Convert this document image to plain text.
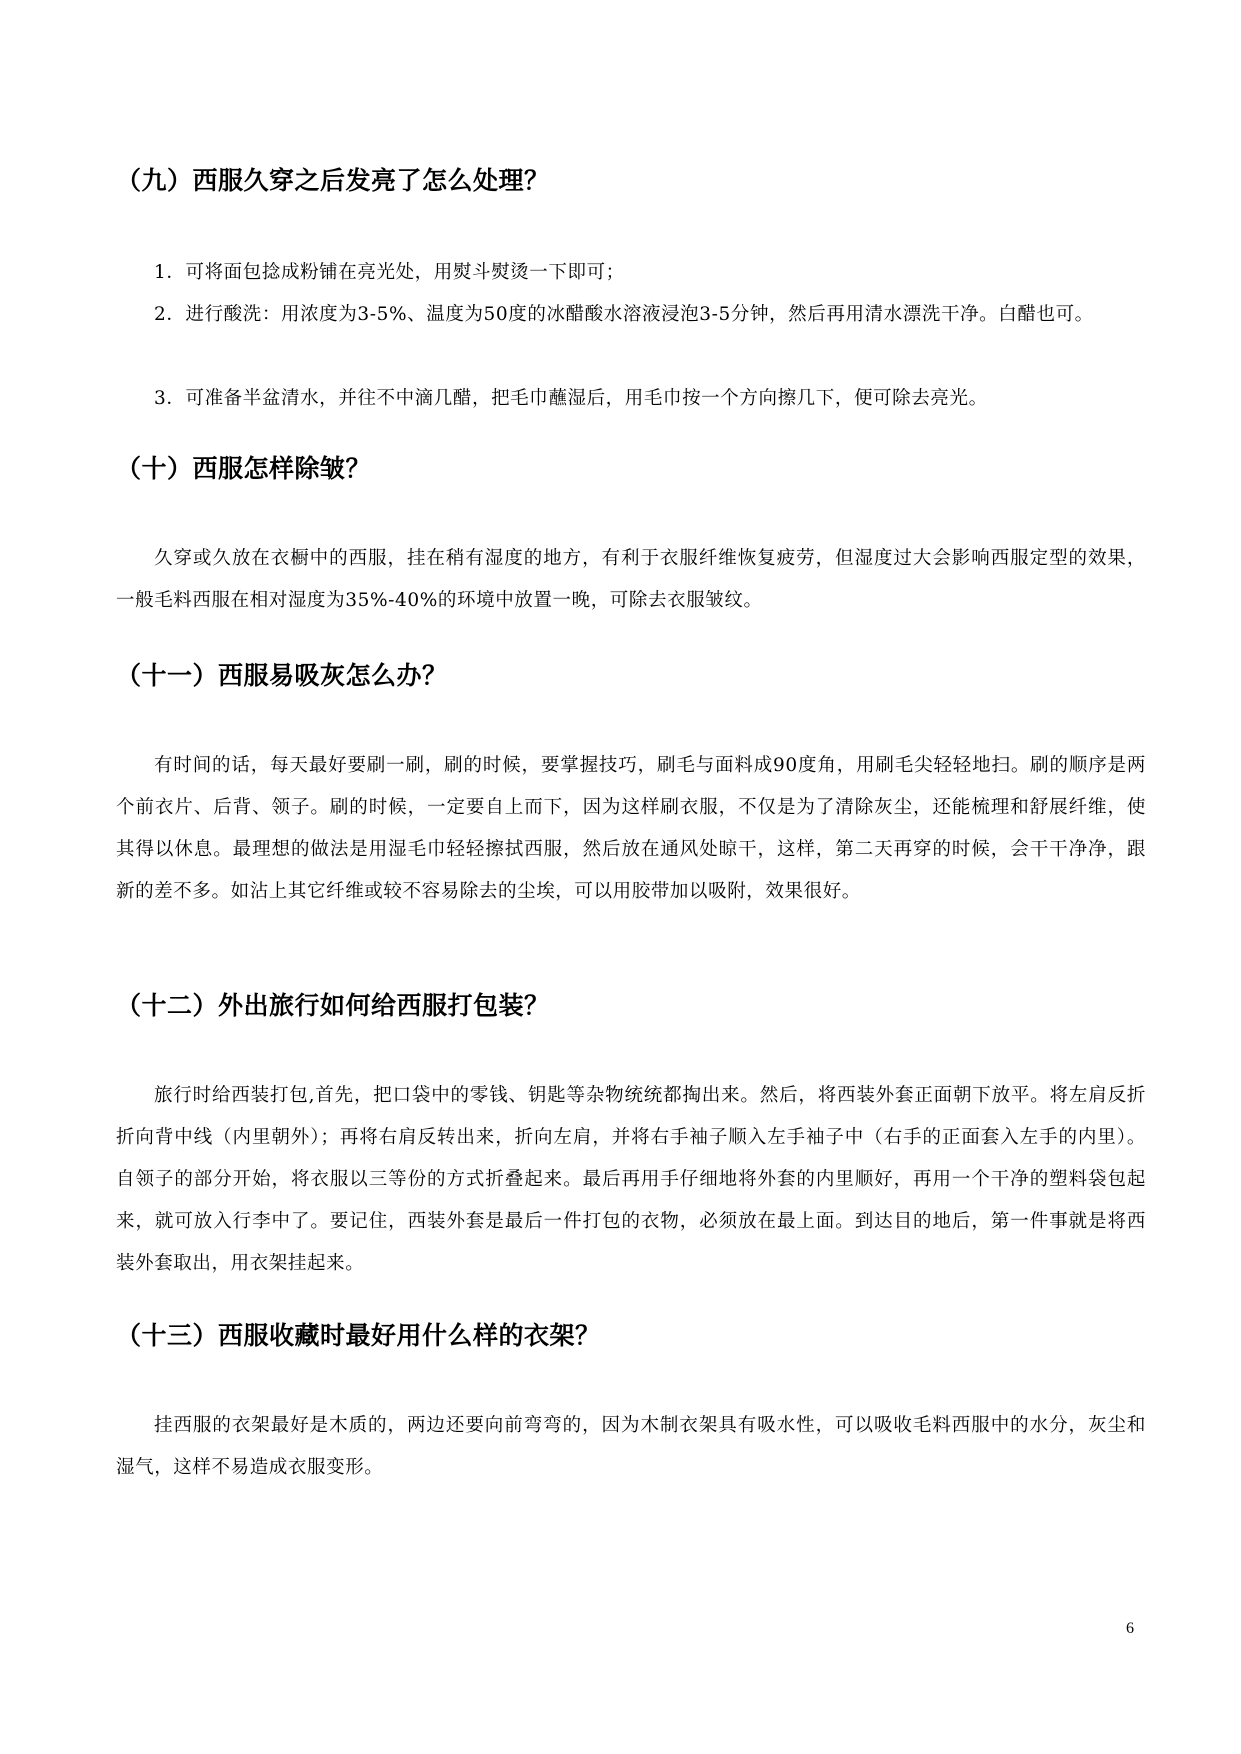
（九）西服久穿之后发亮了怎么处理？

1．可将面包捻成粉铺在亮光处，用熨斗熨烫一下即可；

2．进行酸洗：用浓度为3-5%、温度为50度的冰醋酸水溶液浸泡3-5分钟，然后再用清水漂洗干净。白醋也可。

3．可准备半盆清水，并往不中滴几醋，把毛巾蘸湿后，用毛巾按一个方向擦几下，便可除去亮光。

（十）西服怎样除皱？

久穿或久放在衣橱中的西服，挂在稍有湿度的地方，有利于衣服纤维恢复疲劳，但湿度过大会影响西服定型的效果，一般毛料西服在相对湿度为35%-40%的环境中放置一晚，可除去衣服皱纹。

（十一）西服易吸灰怎么办？

有时间的话，每天最好要刷一刷，刷的时候，要掌握技巧，刷毛与面料成90度角，用刷毛尖轻轻地扫。刷的顺序是两个前衣片、后背、领子。刷的时候，一定要自上而下，因为这样刷衣服，不仅是为了清除灰尘，还能梳理和舒展纤维，使其得以休息。最理想的做法是用湿毛巾轻轻擦拭西服，然后放在通风处晾干，这样，第二天再穿的时候，会干干净净，跟新的差不多。如沾上其它纤维或较不容易除去的尘埃，可以用胶带加以吸附，效果很好。

（十二）外出旅行如何给西服打包装？

旅行时给西装打包,首先，把口袋中的零钱、钥匙等杂物统统都掏出来。然后，将西装外套正面朝下放平。将左肩反折折向背中线（内里朝外）；再将右肩反转出来，折向左肩，并将右手袖子顺入左手袖子中（右手的正面套入左手的内里）。自领子的部分开始，将衣服以三等份的方式折叠起来。最后再用手仔细地将外套的内里顺好，再用一个干净的塑料袋包起来，就可放入行李中了。要记住，西装外套是最后一件打包的衣物，必须放在最上面。到达目的地后，第一件事就是将西装外套取出，用衣架挂起来。

（十三）西服收藏时最好用什么样的衣架？

挂西服的衣架最好是木质的，两边还要向前弯弯的，因为木制衣架具有吸水性，可以吸收毛料西服中的水分，灰尘和湿气，这样不易造成衣服变形。

6
